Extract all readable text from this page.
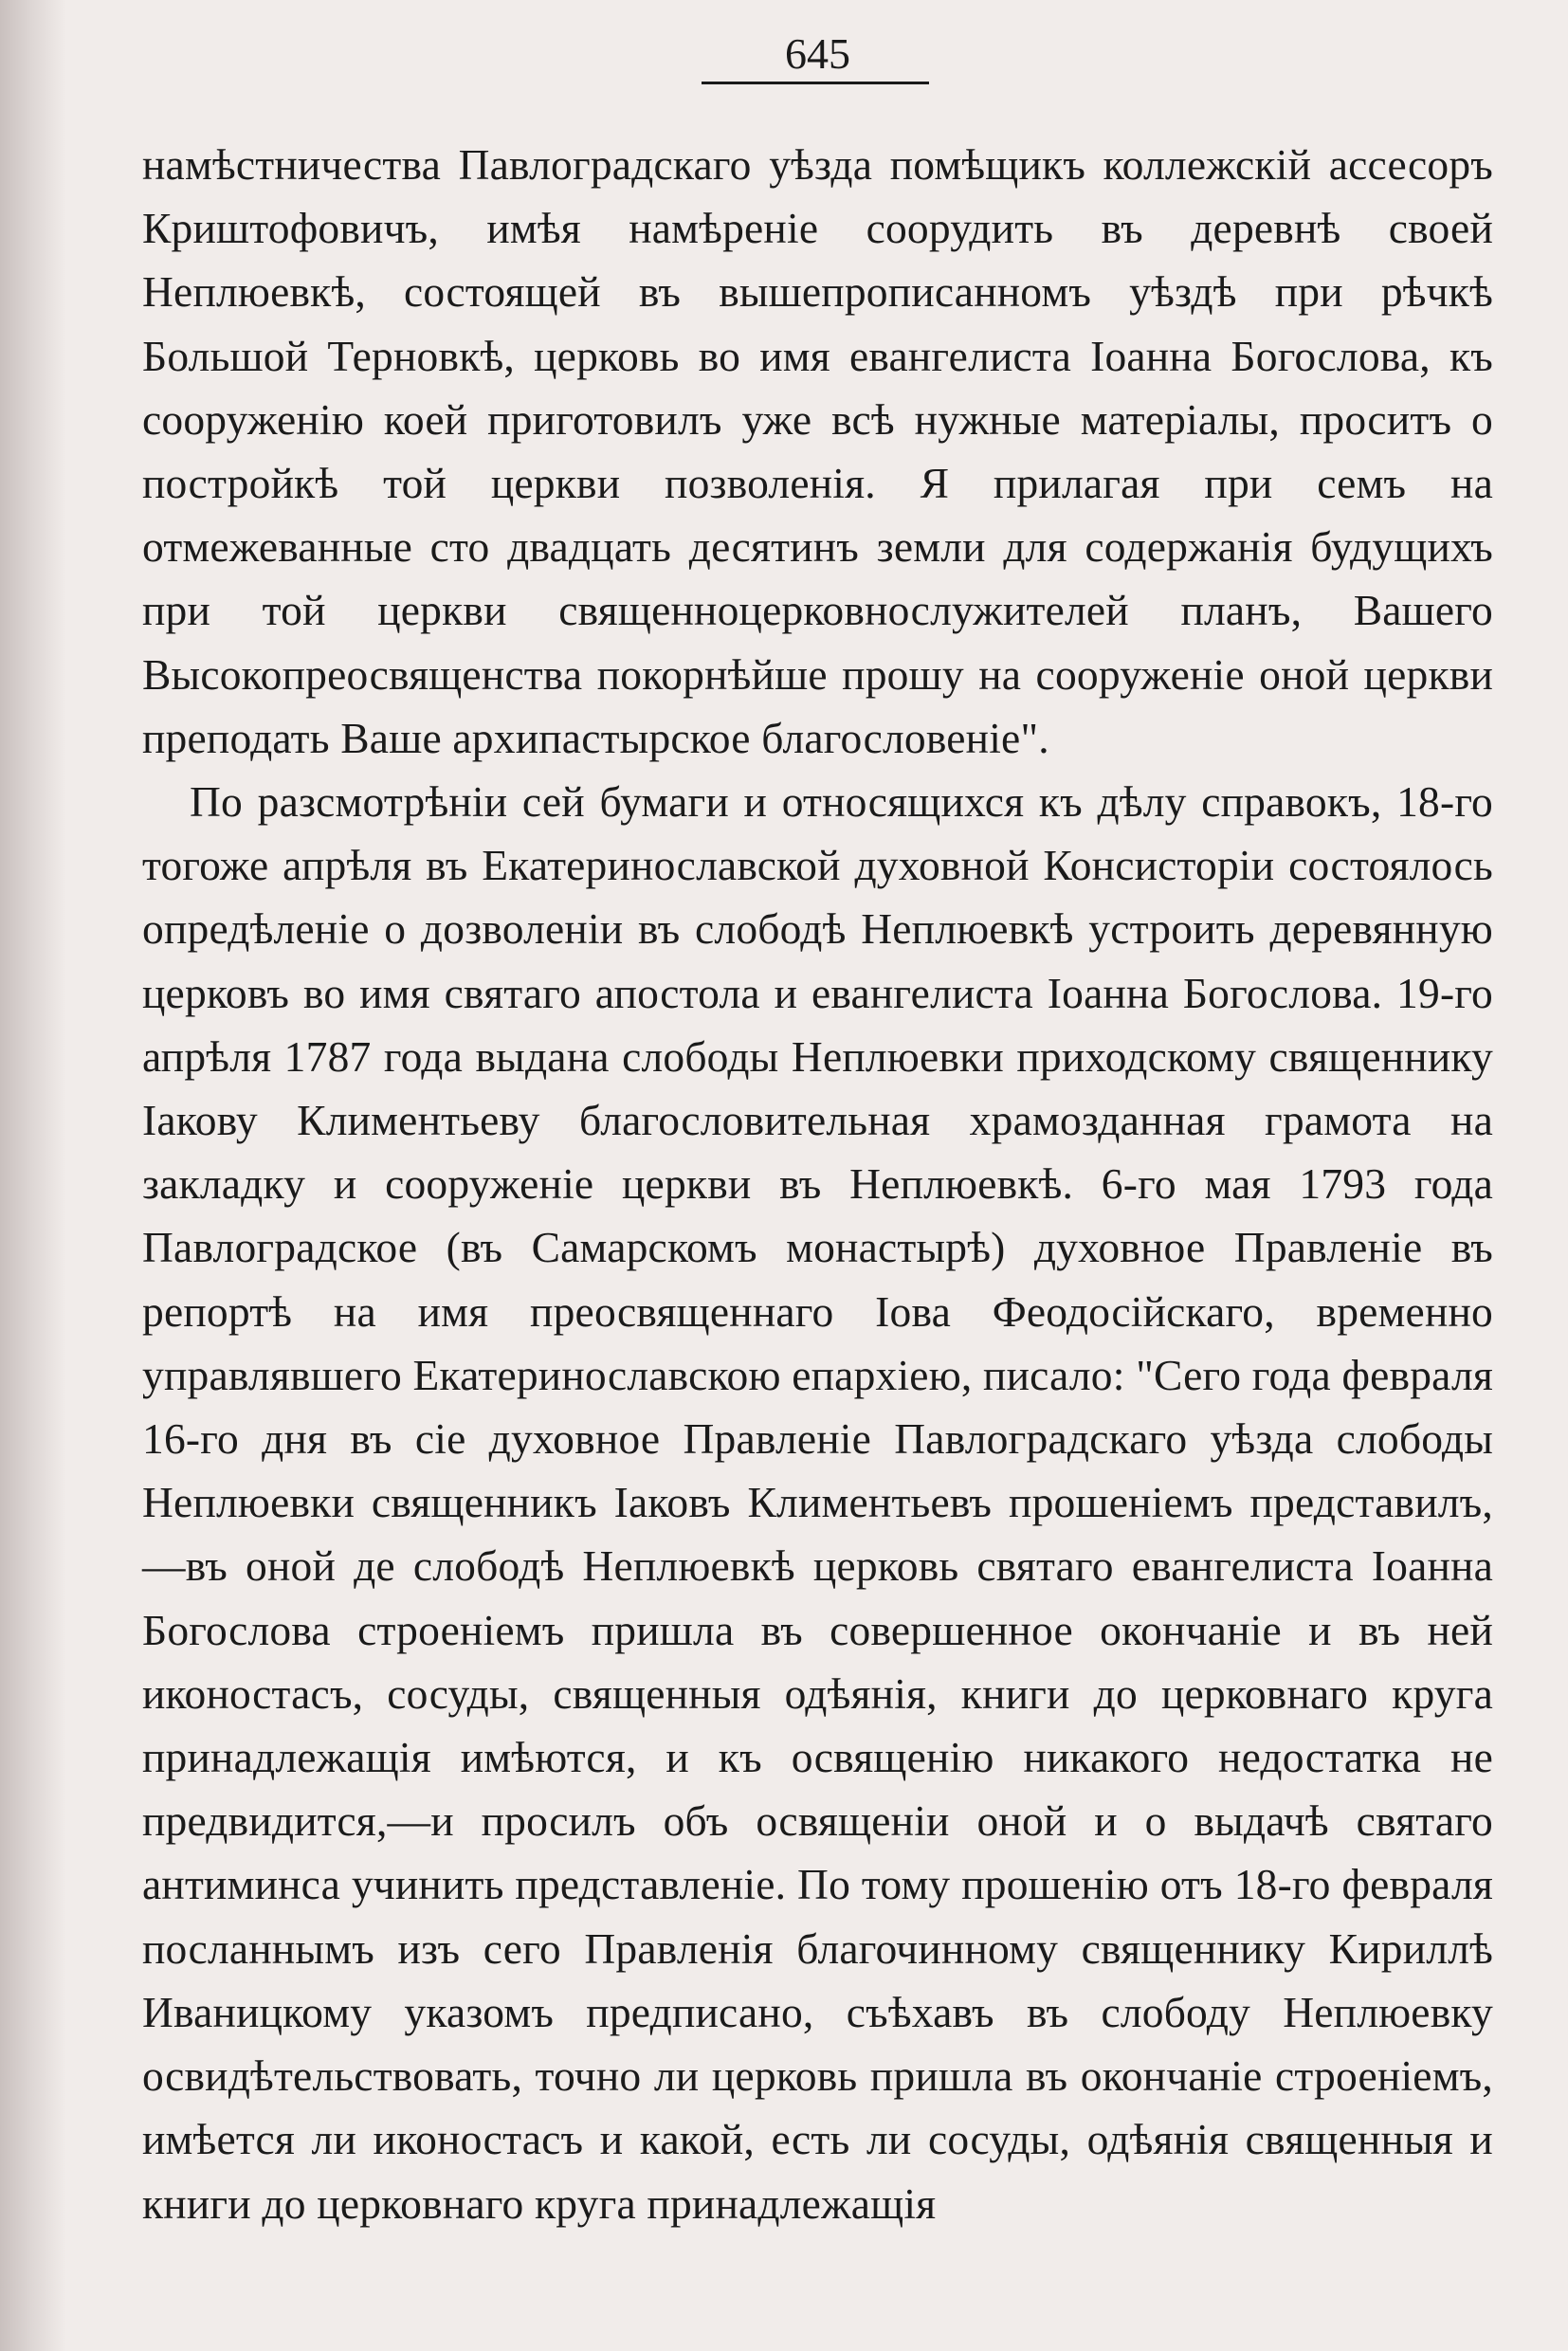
645

намѣстничества Павлоградскаго уѣзда помѣщикъ коллежскій ассесоръ Криштофовичъ, имѣя намѣреніе соорудить въ деревнѣ своей Неплюевкѣ, состоящей въ вышепрописанномъ уѣздѣ при рѣчкѣ Большой Терновкѣ, церковь во имя евангелиста Іоанна Богослова, къ сооруженію коей приготовилъ уже всѣ нужные матеріалы, проситъ о постройкѣ той церкви позволенія. Я прилагая при семъ на отмежеванные сто двадцать десятинъ земли для содержанія будущихъ при той церкви священноцерковнослужителей планъ, Вашего Высокопреосвященства покорнѣйше прошу на сооруженіе оной церкви преподать Ваше архипастырское благословеніе".

По разсмотрѣніи сей бумаги и относящихся къ дѣлу справокъ, 18-го тогоже апрѣля въ Екатеринославской духовной Консисторіи состоялось опредѣленіе о дозволеніи въ слободѣ Неплюевкѣ устроить деревянную церковъ во имя святаго апостола и евангелиста Іоанна Богослова. 19-го апрѣля 1787 года выдана слободы Неплюевки приходскому священнику Іакову Климентьеву благословительная храмозданная грамота на закладку и сооруженіе церкви въ Неплюевкѣ. 6-го мая 1793 года Павлоградское (въ Самарскомъ монастырѣ) духовное Правленіе въ репортѣ на имя преосвященнаго Іова Феодосійскаго, временно управлявшего Екатеринославскою епархіею, писало: "Сего года февраля 16-го дня въ сіе духовное Правленіе Павлоградскаго уѣзда слободы Неплюевки священникъ Іаковъ Климентьевъ прошеніемъ представилъ,—въ оной де слободѣ Неплюевкѣ церковь святаго евангелиста Іоанна Богослова строеніемъ пришла въ совершенное окончаніе и въ ней иконостасъ, сосуды, священныя одѣянія, книги до церковнаго круга принадлежащія имѣются, и къ освященію никакого недостатка не предвидится,—и просилъ объ освященіи оной и о выдачѣ святаго антиминса учинить представленіе. По тому прошенію отъ 18-го февраля посланнымъ изъ сего Правленія благочинному священнику Кириллѣ Иваницкому указомъ предписано, съѣхавъ въ слободу Неплюевку освидѣтельствовать, точно ли церковь пришла въ окончаніе строеніемъ, имѣется ли иконостасъ и какой, есть ли сосуды, одѣянія священныя и книги до церковнаго круга принадлежащія
